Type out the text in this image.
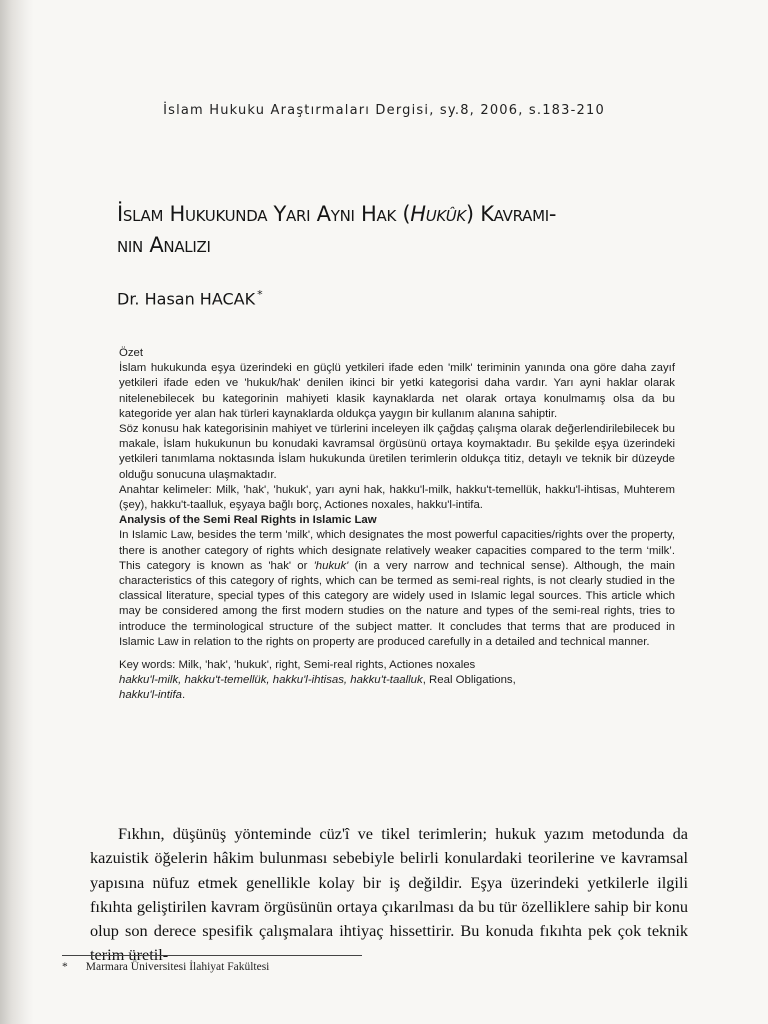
İslam Hukuku Araştırmaları Dergisi, sy.8, 2006, s.183-210
İslam Hukukunda Yarı Ayni Hak (Hukûk) Kavramı-
nın Analizi
Dr. Hasan HACAK *

Özet

İslam hukukunda eşya üzerindeki en güçlü yetkileri ifade eden 'milk' teriminin yanında ona göre daha zayıf yetkileri ifade eden ve 'hukuk/hak' denilen ikinci bir yetki kategorisi daha vardır. Yarı ayni haklar olarak nitelenebilecek bu kategorinin mahiyeti klasik kaynaklarda net olarak ortaya konulmamış olsa da bu kategoride yer alan hak türleri kaynaklarda oldukça yaygın bir kullanım alanına sahiptir.

Söz konusu hak kategorisinin mahiyet ve türlerini inceleyen ilk çağdaş çalışma olarak değerlendirilebilecek bu makale, İslam hukukunun bu konudaki kavramsal örgüsünü ortaya koymaktadır. Bu şekilde eşya üzerindeki yetkileri tanımlama noktasında İslam hukukunda üretilen terimlerin oldukça titiz, detaylı ve teknik bir düzeyde olduğu sonucuna ulaşmaktadır.

Anahtar kelimeler: Milk, 'hak', 'hukuk', yarı ayni hak, hakku'l-milk, hakku't-temellük, hakku'l-ihtisas, Muhterem (şey), hakku't-taalluk, eşyaya bağlı borç, Actiones noxales, hakku'l-intifa.

Analysis of the Semi Real Rights in Islamic Law

In Islamic Law, besides the term 'milk', which designates the most powerful capacities/rights over the property, there is another category of rights which designate relatively weaker capacities compared to the term ‘milk’. This category is known as 'hak' or 'hukuk' (in a very narrow and technical sense). Although, the main characteristics of this category of rights, which can be termed as semi-real rights, is not clearly studied in the classical literature, special types of this category are widely used in Islamic legal sources. This article which may be considered among the first modern studies on the nature and types of the semi-real rights, tries to introduce the terminological structure of the subject matter. It concludes that terms that are produced in Islamic Law in relation to the rights on property are produced carefully in a detailed and technical manner.

Key words: Milk, 'hak', 'hukuk', right, Semi-real rights, Actiones noxales
hakku'l-milk, hakku't-temellük, hakku'l-ihtisas, hakku't-taalluk, Real Obligations,
hakku'l-intifa.

Fıkhın, düşünüş yönteminde cüz'î ve tikel terimlerin; hukuk yazım metodunda da kazuistik öğelerin hâkim bulunması sebebiyle belirli konulardaki teorilerine ve kavramsal yapısına nüfuz etmek genellikle kolay bir iş değildir. Eşya üzerindeki yetkilerle ilgili fıkıhta geliştirilen kavram örgüsünün ortaya çıkarılması da bu tür özelliklere sahip bir konu olup son derece spesifik çalışmalara ihtiyaç hissettirir. Bu konuda fıkıhta pek çok teknik terim üretil-

* Marmara Üniversitesi İlahiyat Fakültesi
